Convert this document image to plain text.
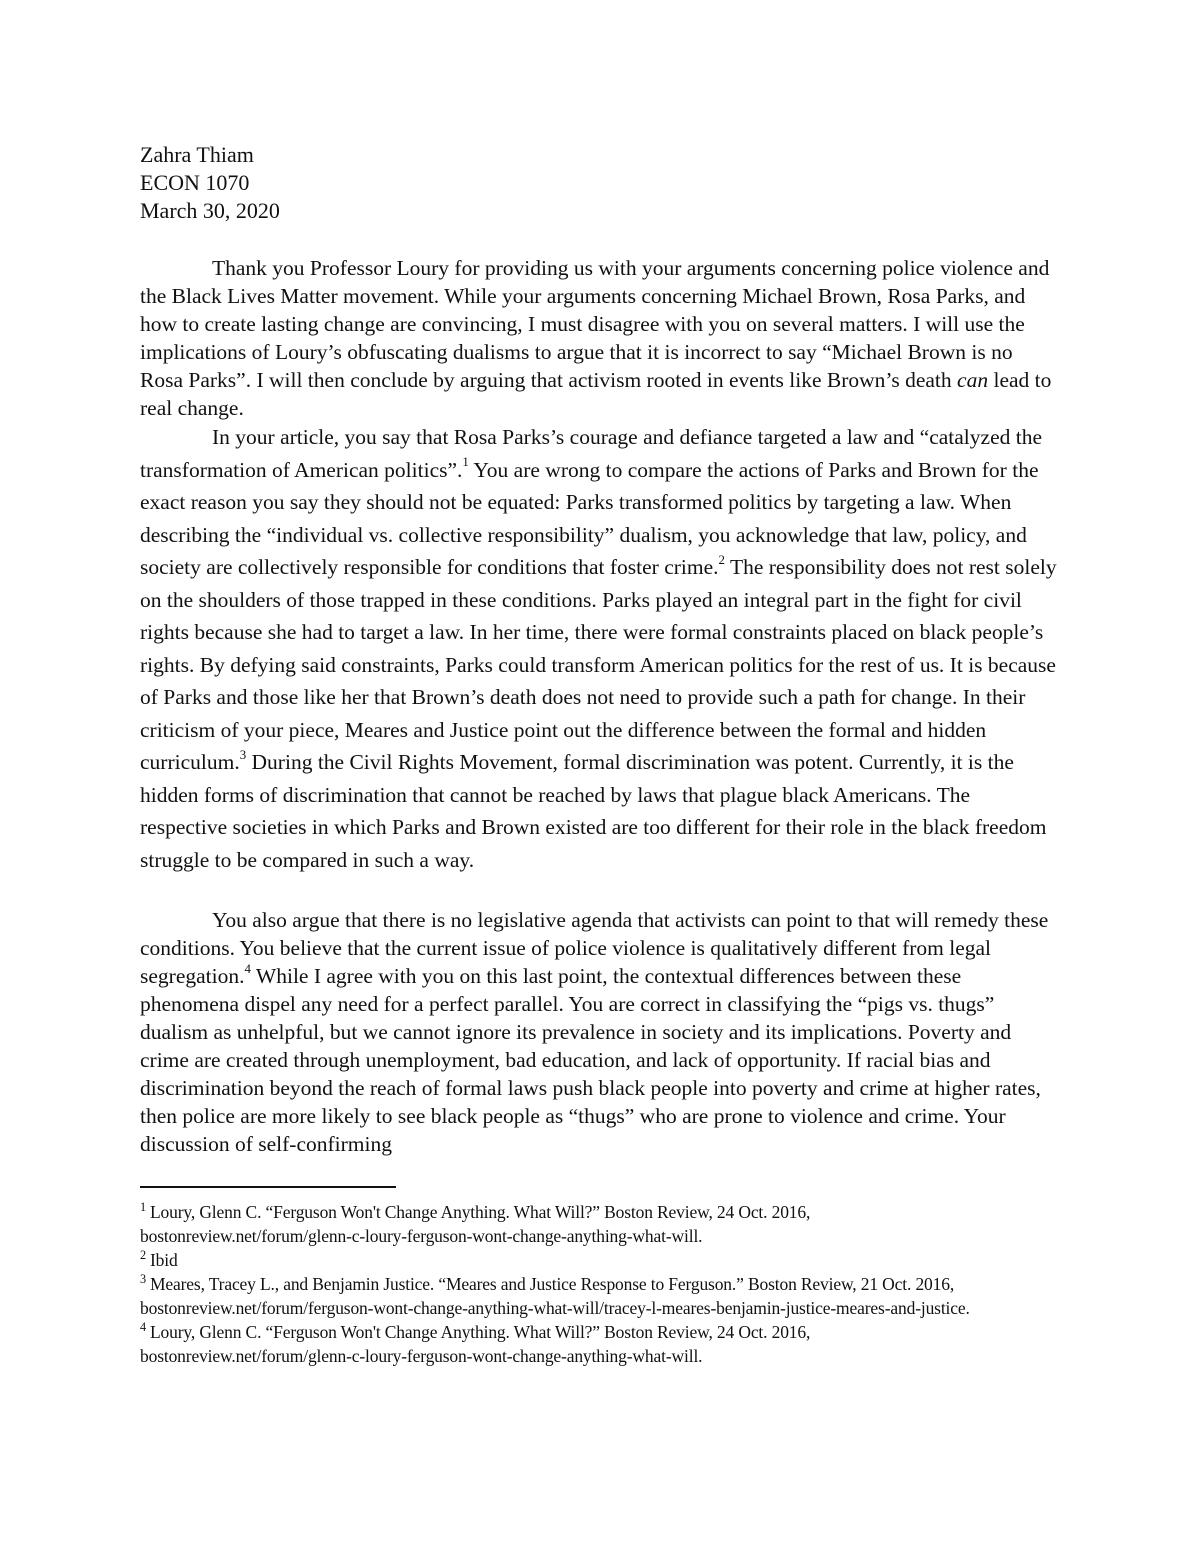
Zahra Thiam
ECON 1070
March 30, 2020

Thank you Professor Loury for providing us with your arguments concerning police violence and the Black Lives Matter movement. While your arguments concerning Michael Brown, Rosa Parks, and how to create lasting change are convincing, I must disagree with you on several matters. I will use the implications of Loury’s obfuscating dualisms to argue that it is incorrect to say “Michael Brown is no Rosa Parks”. I will then conclude by arguing that activism rooted in events like Brown’s death can lead to real change.

In your article, you say that Rosa Parks’s courage and defiance targeted a law and “catalyzed the transformation of American politics”.$^1$ You are wrong to compare the actions of Parks and Brown for the exact reason you say they should not be equated: Parks transformed politics by targeting a law. When describing the “individual vs. collective responsibility” dualism, you acknowledge that law, policy, and society are collectively responsible for conditions that foster crime.$^2$ The responsibility does not rest solely on the shoulders of those trapped in these conditions. Parks played an integral part in the fight for civil rights because she had to target a law. In her time, there were formal constraints placed on black people’s rights. By defying said constraints, Parks could transform American politics for the rest of us. It is because of Parks and those like her that Brown’s death does not need to provide such a path for change. In their criticism of your piece, Meares and Justice point out the difference between the formal and hidden curriculum.$^3$ During the Civil Rights Movement, formal discrimination was potent. Currently, it is the hidden forms of discrimination that cannot be reached by laws that plague black Americans. The respective societies in which Parks and Brown existed are too different for their role in the black freedom struggle to be compared in such a way.

You also argue that there is no legislative agenda that activists can point to that will remedy these conditions. You believe that the current issue of police violence is qualitatively different from legal segregation.$^4$ While I agree with you on this last point, the contextual differences between these phenomena dispel any need for a perfect parallel. You are correct in classifying the “pigs vs. thugs” dualism as unhelpful, but we cannot ignore its prevalence in society and its implications. Poverty and crime are created through unemployment, bad education, and lack of opportunity. If racial bias and discrimination beyond the reach of formal laws push black people into poverty and crime at higher rates, then police are more likely to see black people as “thugs” who are prone to violence and crime. Your discussion of self-confirming

$^1$ Loury, Glenn C. “Ferguson Won't Change Anything. What Will?” Boston Review, 24 Oct. 2016,
bostonreview.net/forum/glenn-c-loury-ferguson-wont-change-anything-what-will.
$^2$ Ibid
$^3$ Meares, Tracey L., and Benjamin Justice. “Meares and Justice Response to Ferguson.” Boston Review, 21 Oct. 2016,
bostonreview.net/forum/ferguson-wont-change-anything-what-will/tracey-l-meares-benjamin-justice-meares-and-justice.
$^4$ Loury, Glenn C. “Ferguson Won't Change Anything. What Will?” Boston Review, 24 Oct. 2016,
bostonreview.net/forum/glenn-c-loury-ferguson-wont-change-anything-what-will.
